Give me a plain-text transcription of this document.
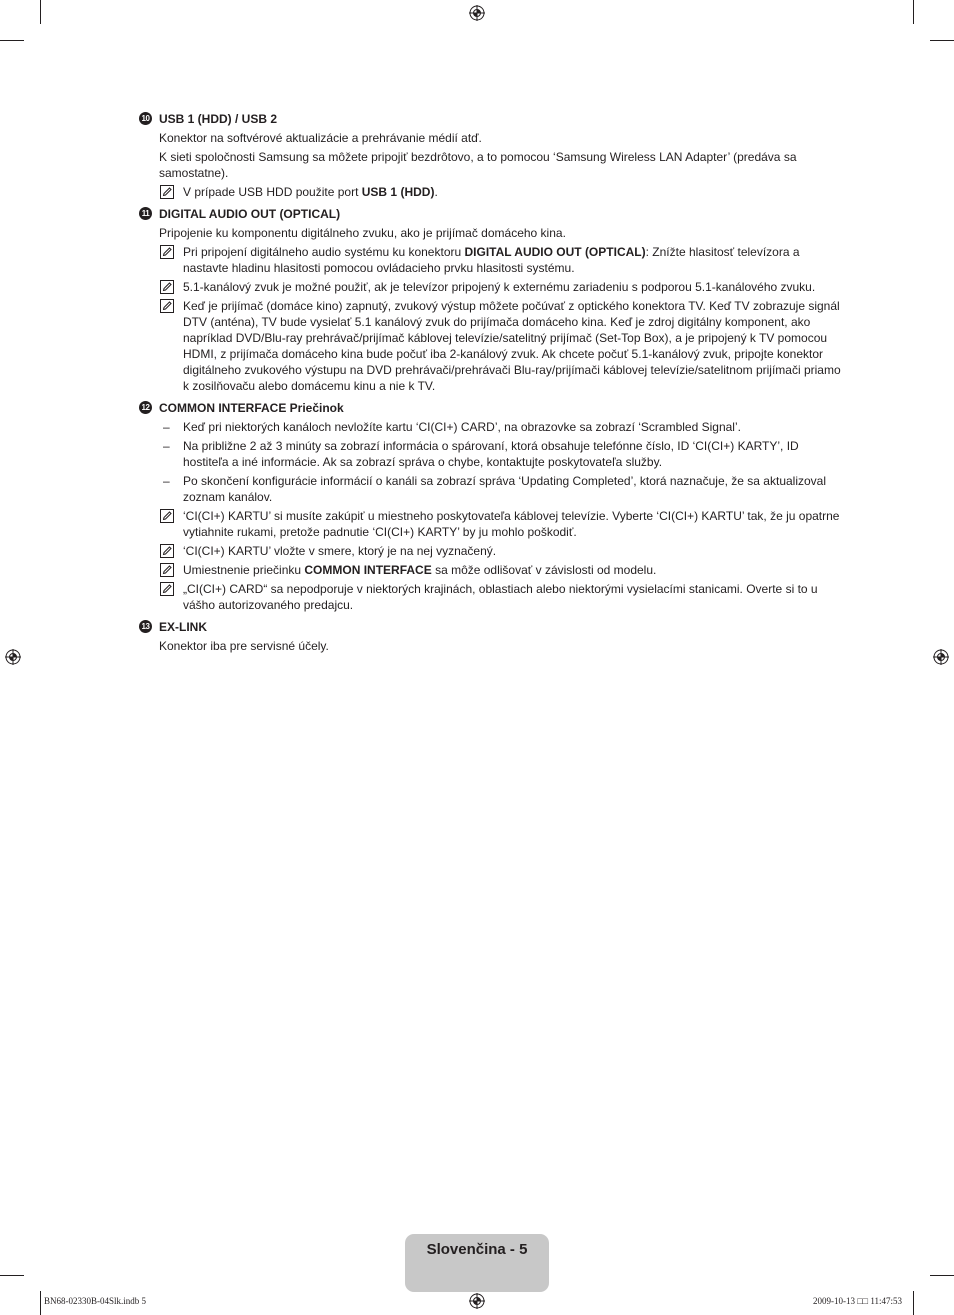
10 USB 1 (HDD) / USB 2
Konektor na softvérové aktualizácie a prehrávanie médií atď.
K sieti spoločnosti Samsung sa môžete pripojiť bezdrôtovo, a to pomocou ‘Samsung Wireless LAN Adapter’ (predáva sa samostatne).
V prípade USB HDD použite port USB 1 (HDD).
11 DIGITAL AUDIO OUT (OPTICAL)
Pripojenie ku komponentu digitálneho zvuku, ako je prijímač domáceho kina.
Pri pripojení digitálneho audio systému ku konektoru DIGITAL AUDIO OUT (OPTICAL): Znížte hlasitosť televízora a nastavte hladinu hlasitosti pomocou ovládacieho prvku hlasitosti systému.
5.1-kanálový zvuk je možné použiť, ak je televízor pripojený k externému zariadeniu s podporou 5.1-kanálového zvuku.
Keď je prijímač (domáce kino) zapnutý, zvukový výstup môžete počúvať z optického konektora TV. Keď TV zobrazuje signál DTV (anténa), TV bude vysielať 5.1 kanálový zvuk do prijímača domáceho kina. Keď je zdroj digitálny komponent, ako napríklad DVD/Blu-ray prehrávač/prijímač káblovej televízie/satelitný prijímač (Set-Top Box), a je pripojený k TV pomocou HDMI, z prijímača domáceho kina bude počuť iba 2-kanálový zvuk. Ak chcete počuť 5.1-kanálový zvuk, pripojte konektor digitálneho zvukového výstupu na DVD prehrávači/prehrávači Blu-ray/prijímači káblovej televízie/satelitnom prijímači priamo k zosilňovaču alebo domácemu kinu a nie k TV.
12 COMMON INTERFACE Priečinok
– Keď pri niektorých kanáloch nevložíte kartu ‘CI(CI+) CARD’, na obrazovke sa zobrazí ‘Scrambled Signal’.
– Na približne 2 až 3 minúty sa zobrazí informácia o spárovaní, ktorá obsahuje telefónne číslo, ID ‘CI(CI+) KARTY’, ID hostiteľa a iné informácie. Ak sa zobrazí správa o chybe, kontaktujte poskytovateľa služby.
– Po skončení konfigurácie informácií o kanáli sa zobrazí správa ‘Updating Completed’, ktorá naznačuje, že sa aktualizoval zoznam kanálov.
‘CI(CI+) KARTU’ si musíte zakúpiť u miestneho poskytovateľa káblovej televízie. Vyberte ‘CI(CI+) KARTU’ tak, že ju opatrne vytiahnite rukami, pretože padnutie ‘CI(CI+) KARTY’ by ju mohlo poškodiť.
‘CI(CI+) KARTU’ vložte v smere, ktorý je na nej vyznačený.
Umiestnenie priečinku COMMON INTERFACE sa môže odlišovať v závislosti od modelu.
„CI(CI+) CARD“ sa nepodporuje v niektorých krajinách, oblastiach alebo niektorými vysielacími stanicami. Overte si to u vášho autorizovaného predajcu.
13 EX-LINK
Konektor iba pre servisné účely.
Slovenčina - 5
BN68-02330B-04Slk.indb 5	2009-10-13 □□ 11:47:53
